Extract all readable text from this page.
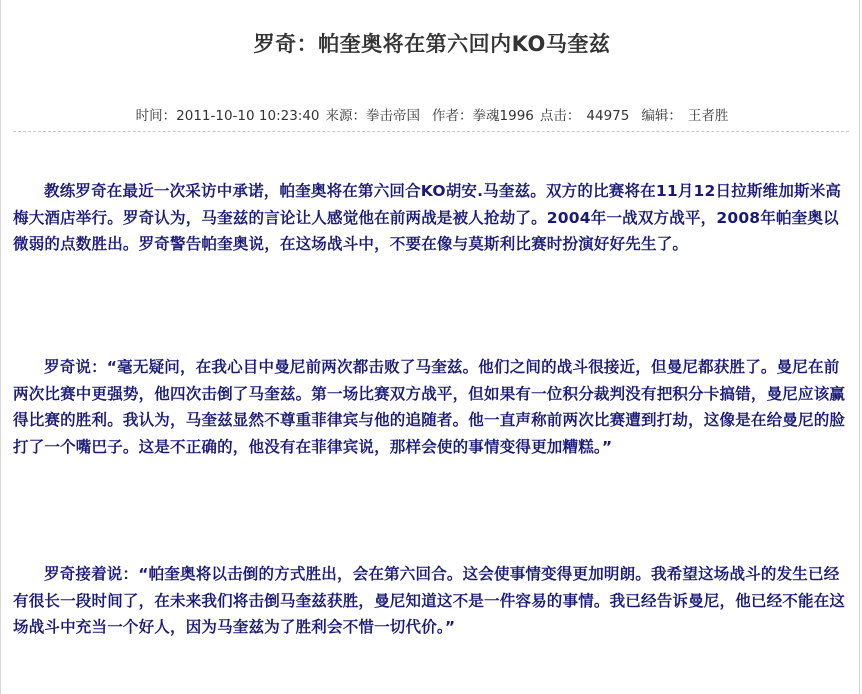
罗奇：帕奎奥将在第六回内KO马奎兹
时间：2011-10-10 10:23:40 来源：拳击帝国 作者：拳魂1996 点击： 44975 编辑： 王者胜

教练罗奇在最近一次采访中承诺，帕奎奥将在第六回合KO胡安.马奎兹。双方的比赛将在11月12日拉斯维加斯米高梅大酒店举行。罗奇认为，马奎兹的言论让人感觉他在前两战是被人抢劫了。2004年一战双方战平，2008年帕奎奥以微弱的点数胜出。罗奇警告帕奎奥说，在这场战斗中，不要在像与莫斯利比赛时扮演好好先生了。

罗奇说：“毫无疑问，在我心目中曼尼前两次都击败了马奎兹。他们之间的战斗很接近，但曼尼都获胜了。曼尼在前两次比赛中更强势，他四次击倒了马奎兹。第一场比赛双方战平，但如果有一位积分裁判没有把积分卡搞错，曼尼应该赢得比赛的胜利。我认为，马奎兹显然不尊重菲律宾与他的追随者。他一直声称前两次比赛遭到打劫，这像是在给曼尼的脸打了一个嘴巴子。这是不正确的，他没有在菲律宾说，那样会使的事情变得更加糟糕。”

罗奇接着说：“帕奎奥将以击倒的方式胜出，会在第六回合。这会使事情变得更加明朗。我希望这场战斗的发生已经有很长一段时间了，在未来我们将击倒马奎兹获胜，曼尼知道这不是一件容易的事情。我已经告诉曼尼，他已经不能在这场战斗中充当一个好人，因为马奎兹为了胜利会不惜一切代价。”
